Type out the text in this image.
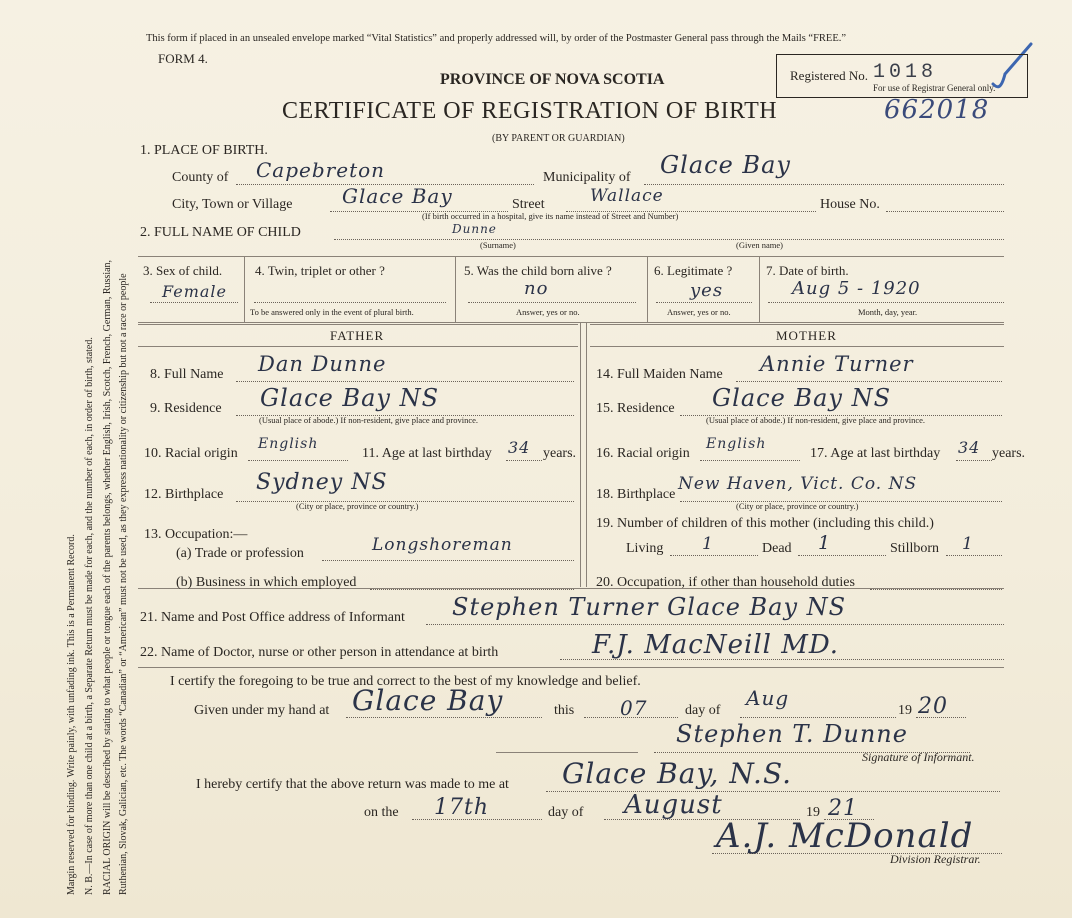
Margin reserved for binding. Write painly, with unfading ink. This is a Permanent Record. N. B.—In case of more than one child at a birth, a Separate Return must be made for each, and the number of each, in order of birth, stated. RACIAL ORIGIN will be described by stating to what people or tongue each of the parents belongs, whether English, Irish, Scotch, French, German, Russian, Ruthenian, Slovak, Galician, etc. The words “Canadian” or “American” must not be used, as they express nationality or citizenship but not a race or people
This form if placed in an unsealed envelope marked “Vital Statistics” and properly addressed will, by order of the Postmaster General pass through the Mails “FREE.”
FORM 4.
PROVINCE OF NOVA SCOTIA	Registered No. 1018
For use of Registrar General only.
CERTIFICATE OF REGISTRATION OF BIRTH	662018
(BY PARENT OR GUARDIAN)
1. PLACE OF BIRTH.
County of Capebreton	Municipality of Glace Bay
City, Town or Village Glace Bay	Street	Wallace	House No.
(If birth occurred in a hospital, give its name instead of Street and Number)
2. FULL NAME OF CHILD	Dunne
(Surname)	(Given name)
3. Sex of child.
Female
4. Twin, triplet or other ?
To be answered only in the event of plural birth.
5. Was the child born alive ?
no
Answer, yes or no.
6. Legitimate ?
yes
Answer, yes or no.
7. Date of birth.
Aug 5 - 1920
Month, day, year.
FATHER	MOTHER
8. Full Name Dan Dunne
9. Residence Glace Bay NS
(Usual place of abode.) If non-resident, give place and province.
10. Racial origin
English
11. Age at last birthday 34 years.
12. Birthplace Sydney NS
(City or place, province or country.)
13. Occupation:—
(a) Trade or profession	Longshoreman
(b) Business in which employed
14. Full Maiden Name Annie Turner
15. Residence Glace Bay NS
(Usual place of abode.) If non-resident, give place and province.
16. Racial origin
English
17. Age at last birthday 34 years.
18. Birthplace
New Haven, Vict. Co. NS
(City or place, province or country.)
19. Number of children of this mother (including this child.)
Living 1	Dead 1	Stillborn 1
20. Occupation, if other than household duties
21. Name and Post Office address of Informant Stephen Turner Glace Bay NS
22. Name of Doctor, nurse or other person in attendance at birth	F.J. MacNeill MD.
I certify the foregoing to be true and correct to the best of my knowledge and belief.
Given under my hand at Glace Bay	this 07	day of
Aug
19 20
Stephen T. Dunne
Signature of Informant.
I hereby certify that the above return was made to me at Glace Bay, N.S.
on the 17th	day of August	19 21
A.J. McDonald
Division Registrar.
